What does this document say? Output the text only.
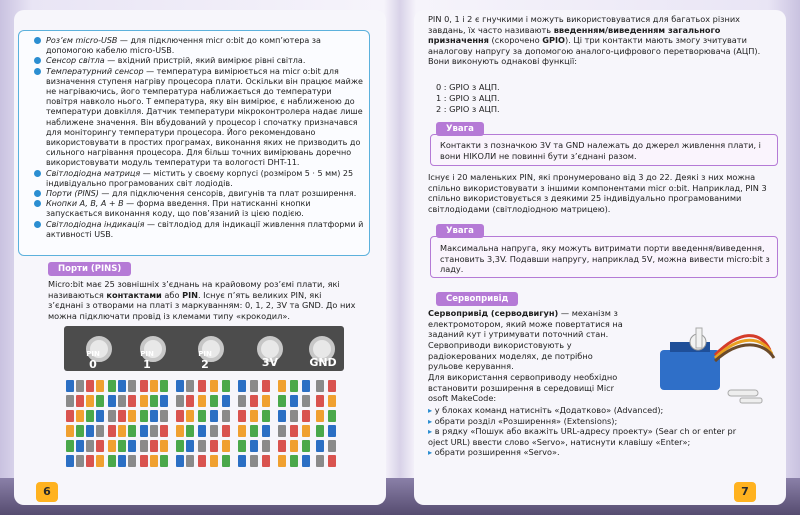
Роз’єм micro-USB — для підключення micr o:bit до комп’ютера за допомогою кабелю micro-USB.
Сенсор світла — вхідний пристрій, який вимірює рівні світла.
Температурний сенсор — температура вимірюється на micr o:bit для визначення ступеня нагріву процесора плати. Оскільки він працює майже не нагріваючись, його температура наближається до температури повітря навколо нього. Т емпература, яку він вимірює, є наближеною до температури довкілля. Датчик температури мікроконтролера надає лише наближене значення. Він вбудований у процесор і спочатку призначався для моніторингу температури процесора. Його рекомендовано використовувати в простих програмах, виконання яких не призводить до сильного нагрівання процесора. Для більш точних вимірювань доречно використовувати модуль температури та вологості DHT-11.
Світлодіодна матриця — містить у своєму корпусі (розміром 5 · 5 мм) 25 індивідуально програмованих світ лодіодів.
Порти (PINS) — для підключення сенсорів, двигунів та плат розширення.
Кнопки A, B, A + B — форма введення. При натисканні кнопки запускається виконання коду, що пов’язаний із цією подією.
Світлодіодна індикація — світлодіод для індикації живлення платформи й активності USB.
Порти (PINS)

Micro:bit має 25 зовнішніх з’єднань на крайовому роз’ємі плати, які називаються контактами або PIN. Існує п’ять великих PIN, які з’єднані з отворами на платі з маркуванням: 0, 1, 2, 3V та GND. До них можна підключати провід із клемами типу «крокодил».

PIN
0
PIN
1
PIN
2	3V	GND
6

PIN 0, 1 і 2 є гнучкими і можуть використовуватися для багатьох різних завдань, їх часто називають введенням/виведенням загального призначення (скорочено GPIO). Ці три контакти мають змогу зчитувати аналогову напругу за допомогою аналого-цифрового перетворювача (АЦП). Вони виконують однакові функції:

0 : GPIO з АЦП.

1 : GPIO з АЦП.

2 : GPIO з АЦП.

Увага

Контакти з позначкою 3V та GND належать до джерел живлення плати, і вони НІКОЛИ не повинні бути з’єднані разом.

Існує і 20 маленьких PIN, які пронумеровано від 3 до 22. Деякі з них можна спільно використовувати з іншими компонентами micr o:bit. Наприклад, PIN 3 спільно використовується з деякими 25 індивідуально програмованими світлодіодами (світлодіодною матрицею).

Увага

Максимальна напруга, яку можуть витримати порти введення/виведення, становить 3,3V. Подавши напругу, наприклад 5V, можна вивести micro:bit з ладу.

Сервопривід

Сервопривід (серводвигун) — механізм з електромотором, який може повертатися на заданий кут і утримувати поточний стан.

Сервоприводи використовують у радіокерованих моделях, де потрібно рульове керування.

Для використання сервоприводу необхідно встановити розширення в середовищі Micr osoft MakeCode:

▸ у блоках команд натисніть «Додатково» (Advanced);
▸ обрати розділ «Розширення» (Extensions);
▸ в рядку «Пошук або вкажіть URL-адресу проекту» (Sear ch or enter pr oject URL) ввести слово «Servo», натиснути клавішу «Enter»;
▸ обрати розширення «Servo».
7
